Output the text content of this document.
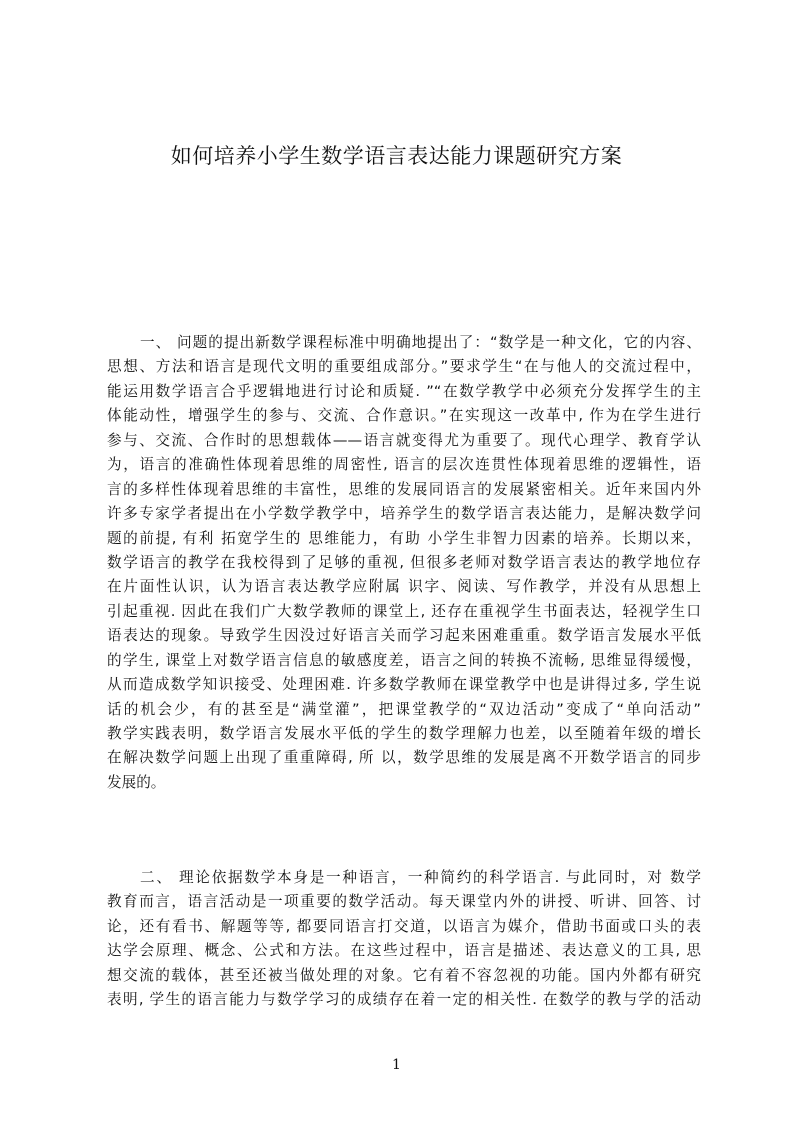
如何培养小学生数学语言表达能力课题研究方案
一、 问题的提出新数学课程标准中明确地提出了：“数学是一种文化，它的内容、
思想、方法和语言是现代文明的重要组成部分。”要求学生“在与他人的交流过程中，
能运用数学语言合乎逻辑地进行讨论和质疑. ”“在数学教学中必须充分发挥学生的主
体能动性，增强学生的参与、交流、合作意识。”在实现这一改革中, 作为在学生进行
参与、交流、合作时的思想载体——语言就变得尤为重要了。现代心理学、教育学认
为，语言的准确性体现着思维的周密性, 语言的层次连贯性体现着思维的逻辑性，语
言的多样性体现着思维的丰富性，思维的发展同语言的发展紧密相关。近年来国内外
许多专家学者提出在小学数学教学中，培养学生的数学语言表达能力，是解决数学问
题的前提, 有利 拓宽学生的 思维能力，有助 小学生非智力因素的培养。长期以来，
数学语言的教学在我校得到了足够的重视, 但很多老师对数学语言表达的教学地位存
在片面性认识，认为语言表达教学应附属 识字、阅读、写作教学，并没有从思想上
引起重视. 因此在我们广大数学教师的课堂上, 还存在重视学生书面表达，轻视学生口
语表达的现象。导致学生因没过好语言关而学习起来困难重重。数学语言发展水平低
的学生, 课堂上对数学语言信息的敏感度差，语言之间的转换不流畅, 思维显得缓慢，
从而造成数学知识接受、处理困难. 许多数学教师在课堂教学中也是讲得过多, 学生说
话的机会少，有的甚至是“满堂灌”，把课堂教学的“双边活动”变成了“单向活动”
教学实践表明，数学语言发展水平低的学生的数学理解力也差，以至随着年级的增长
在解决数学问题上出现了重重障碍, 所 以，数学思维的发展是离不开数学语言的同步
发展的。
二、 理论依据数学本身是一种语言，一种简约的科学语言. 与此同时，对 数学
教育而言，语言活动是一项重要的数学活动。每天课堂内外的讲授、听讲、回答、讨
论，还有看书、解题等等, 都要同语言打交道，以语言为媒介，借助书面或口头的表
达学会原理、概念、公式和方法。在这些过程中，语言是描述、表达意义的工具, 思
想交流的载体，甚至还被当做处理的对象。它有着不容忽视的功能。国内外都有研究
表明, 学生的语言能力与数学学习的成绩存在着一定的相关性. 在数学的教与学的活动
1
